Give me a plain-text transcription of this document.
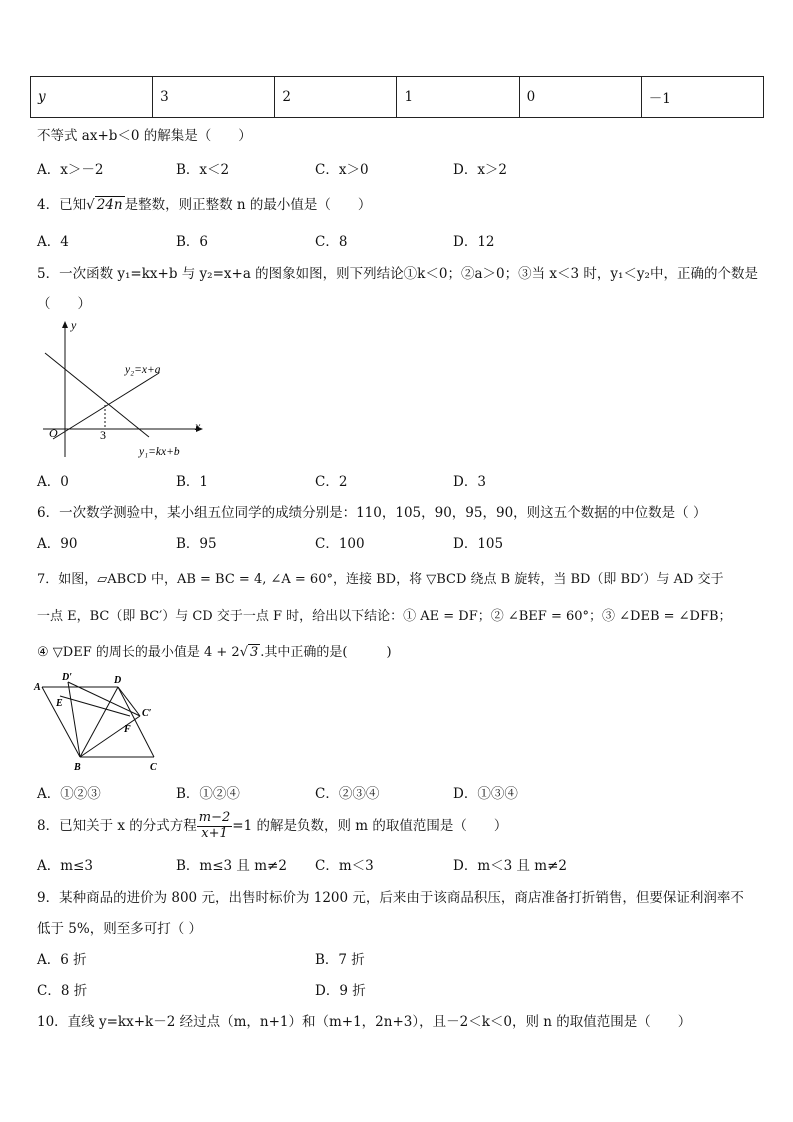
y	3	2	1	0	－1
不等式 ax+b＜0 的解集是（　　）
A．x＞－2	B．x＜2	C．x＞0	D．x＞2
4．已知√ 24n 是整数，则正整数 n 的最小值是（　　）
A．4	B．6	C．8	D．12
5．一次函数 y₁=kx+b 与 y₂=x+a 的图象如图，则下列结论①k＜0；②a＞0；③当 x＜3 时，y₁＜y₂中，正确的个数是
（　　）
y
x
O	3
y₂=x+a
y₁=kx+b
A．0	B．1	C．2	D．3
6．一次数学测验中，某小组五位同学的成绩分别是：110，105，90，95，90，则这五个数据的中位数是（ ）
A．90	B．95	C．100	D．105
7．如图，▱ABCD 中，AB = BC = 4, ∠A = 60°，连接 BD，将 ▽BCD 绕点 B 旋转，当 BD（即 BD′）与 AD 交于
一点 E，BC（即 BC′）与 CD 交于一点 F 时，给出以下结论：① AE = DF；② ∠BEF = 60°；③ ∠DEB = ∠DFB；
④ ▽DEF 的周长的最小值是 4 + 2√ 3 .其中正确的是(　　　)
A
D′	D
E
C′
F
B	C
A．①②③	B．①②④	C．②③④	D．①③④
8．已知关于 x 的分式方程 $\frac{m-2}{x+1} =1$ 的解是负数，则 m 的取值范围是（　　）
A．m≤3	B．m≤3 且 m≠2 C．m＜3	D．m＜3 且 m≠2
9．某种商品的进价为 800 元，出售时标价为 1200 元，后来由于该商品积压，商店准备打折销售，但要保证利润率不
低于 5%，则至多可打（ ）
A．6 折	B．7 折
C．8 折	D．9 折
10．直线 y=kx+k－2 经过点（m，n+1）和（m+1，2n+3），且－2＜k＜0，则 n 的取值范围是（　　）
